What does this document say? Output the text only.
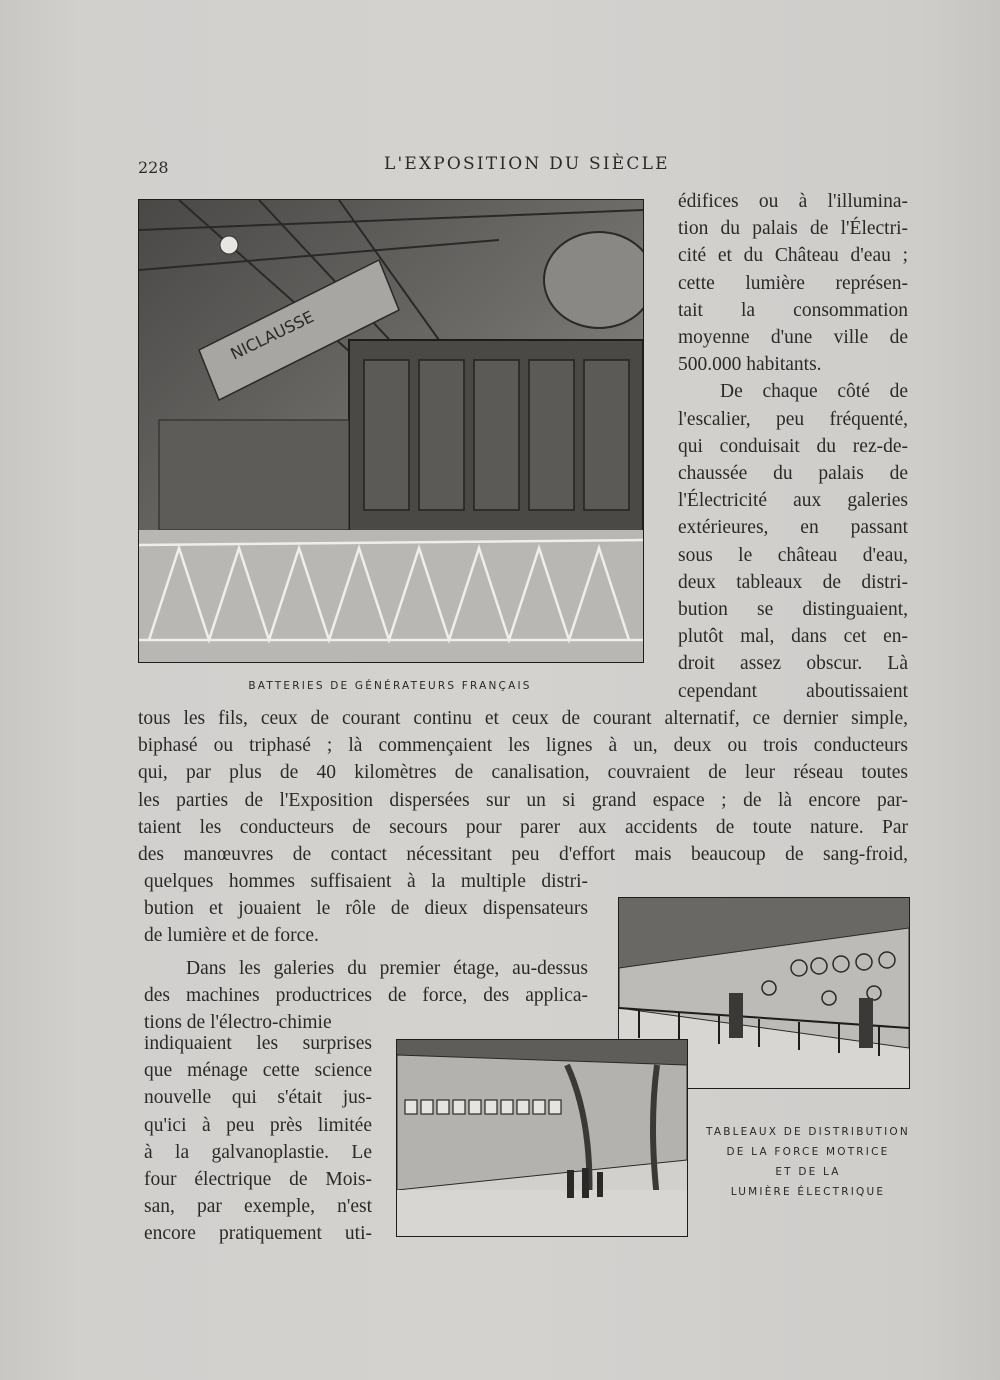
228	L'EXPOSITION DU SIÈCLE
NICLAUSSE
BATTERIES DE GÉNÉRATEURS FRANÇAIS
édifices ou à l'illumina-
tion du palais de l'Électri-
cité et du Château d'eau ;
cette lumière représen-
tait la consommation
moyenne d'une ville de
500.000 habitants.
De chaque côté de
l'escalier, peu fréquenté,
qui conduisait du rez-de-
chaussée du palais de
l'Électricité aux galeries
extérieures, en passant
sous le château d'eau,
deux tableaux de distri-
bution se distinguaient,
plutôt mal, dans cet en-
droit assez obscur. Là
cependant aboutissaient
tous les fils, ceux de courant continu et ceux de courant alternatif, ce dernier simple,
biphasé ou triphasé ; là commençaient les lignes à un, deux ou trois conducteurs
qui, par plus de 40 kilomètres de canalisation, couvraient de leur réseau toutes
les parties de l'Exposition dispersées sur un si grand espace ; de là encore par-
taient les conducteurs de secours pour parer aux accidents de toute nature. Par
des manœuvres de contact nécessitant peu d'effort mais beaucoup de sang-froid,
quelques hommes suffisaient à la multiple distri-
bution et jouaient le rôle de dieux dispensateurs
de lumière et de force.
Dans les galeries du premier étage, au-dessus
des machines productrices de force, des applica-
tions de l'électro-chimie
indiquaient les surprises
que ménage cette science
nouvelle qui s'était jus-
qu'ici à peu près limitée
à la galvanoplastie. Le
four électrique de Mois-
san, par exemple, n'est
encore pratiquement uti-
TABLEAUX DE DISTRIBUTION
DE LA FORCE MOTRICE
ET DE LA
LUMIÈRE ÉLECTRIQUE
